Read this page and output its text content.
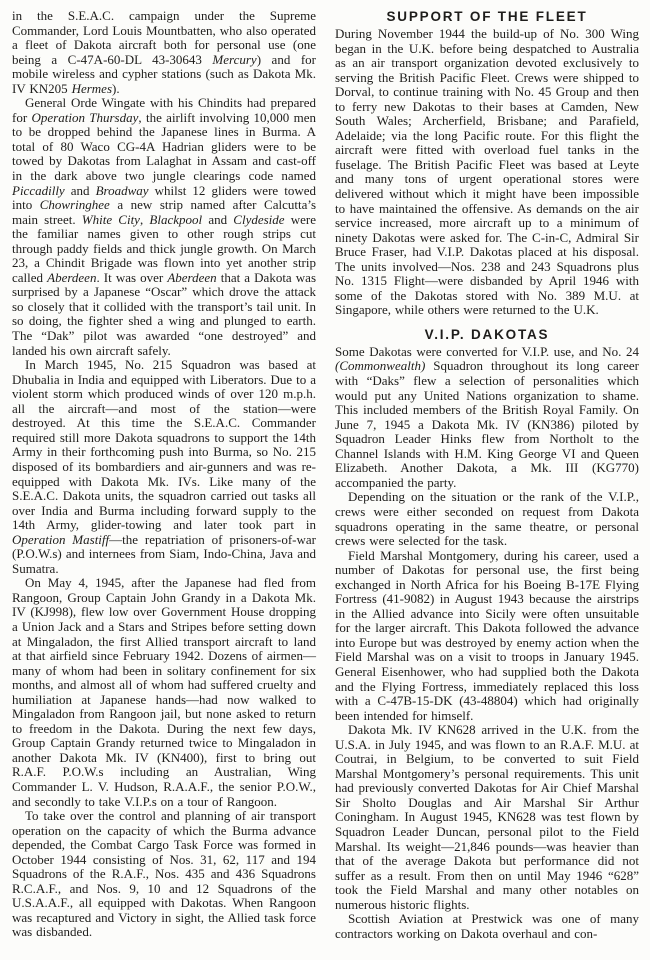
in the S.E.A.C. campaign under the Supreme Commander, Lord Louis Mountbatten, who also operated a fleet of Dakota aircraft both for personal use (one being a C-47A-60-DL 43-30643 Mercury) and for mobile wireless and cypher stations (such as Dakota Mk. IV KN205 Hermes).

General Orde Wingate with his Chindits had prepared for Operation Thursday, the airlift involving 10,000 men to be dropped behind the Japanese lines in Burma. A total of 80 Waco CG-4A Hadrian gliders were to be towed by Dakotas from Lalaghat in Assam and cast-off in the dark above two jungle clearings code named Piccadilly and Broadway whilst 12 gliders were towed into Chowringhee a new strip named after Calcutta’s main street. White City, Blackpool and Clydeside were the familiar names given to other rough strips cut through paddy fields and thick jungle growth. On March 23, a Chindit Brigade was flown into yet another strip called Aberdeen. It was over Aberdeen that a Dakota was surprised by a Japanese “Oscar” which drove the attack so closely that it collided with the transport’s tail unit. In so doing, the fighter shed a wing and plunged to earth. The “Dak” pilot was awarded “one destroyed” and landed his own aircraft safely.

In March 1945, No. 215 Squadron was based at Dhubalia in India and equipped with Liberators. Due to a violent storm which produced winds of over 120 m.p.h. all the aircraft—and most of the station—were destroyed. At this time the S.E.A.C. Commander required still more Dakota squadrons to support the 14th Army in their forthcoming push into Burma, so No. 215 disposed of its bombardiers and air-gunners and was re-equipped with Dakota Mk. IVs. Like many of the S.E.A.C. Dakota units, the squadron carried out tasks all over India and Burma including forward supply to the 14th Army, glider-towing and later took part in Operation Mastiff—the repatriation of prisoners-of-war (P.O.W.s) and internees from Siam, Indo-China, Java and Sumatra.

On May 4, 1945, after the Japanese had fled from Rangoon, Group Captain John Grandy in a Dakota Mk. IV (KJ998), flew low over Government House dropping a Union Jack and a Stars and Stripes before setting down at Mingaladon, the first Allied transport aircraft to land at that airfield since February 1942. Dozens of airmen—many of whom had been in solitary confinement for six months, and almost all of whom had suffered cruelty and humiliation at Japanese hands—had now walked to Mingaladon from Rangoon jail, but none asked to return to freedom in the Dakota. During the next few days, Group Captain Grandy returned twice to Mingaladon in another Dakota Mk. IV (KN400), first to bring out R.A.F. P.O.W.s including an Australian, Wing Commander L. V. Hudson, R.A.A.F., the senior P.O.W., and secondly to take V.I.P.s on a tour of Rangoon.

To take over the control and planning of air transport operation on the capacity of which the Burma advance depended, the Combat Cargo Task Force was formed in October 1944 consisting of Nos. 31, 62, 117 and 194 Squadrons of the R.A.F., Nos. 435 and 436 Squadrons R.C.A.F., and Nos. 9, 10 and 12 Squadrons of the U.S.A.A.F., all equipped with Dakotas. When Rangoon was recaptured and Victory in sight, the Allied task force was disbanded.

SUPPORT OF THE FLEET

During November 1944 the build-up of No. 300 Wing began in the U.K. before being despatched to Australia as an air transport organization devoted exclusively to serving the British Pacific Fleet. Crews were shipped to Dorval, to continue training with No. 45 Group and then to ferry new Dakotas to their bases at Camden, New South Wales; Archerfield, Brisbane; and Parafield, Adelaide; via the long Pacific route. For this flight the aircraft were fitted with overload fuel tanks in the fuselage. The British Pacific Fleet was based at Leyte and many tons of urgent operational stores were delivered without which it might have been impossible to have maintained the offensive. As demands on the air service increased, more aircraft up to a minimum of ninety Dakotas were asked for. The C-in-C, Admiral Sir Bruce Fraser, had V.I.P. Dakotas placed at his disposal. The units involved—Nos. 238 and 243 Squadrons plus No. 1315 Flight—were disbanded by April 1946 with some of the Dakotas stored with No. 389 M.U. at Singapore, while others were returned to the U.K.

V.I.P. DAKOTAS

Some Dakotas were converted for V.I.P. use, and No. 24 (Commonwealth) Squadron throughout its long career with “Daks” flew a selection of personalities which would put any United Nations organization to shame. This included members of the British Royal Family. On June 7, 1945 a Dakota Mk. IV (KN386) piloted by Squadron Leader Hinks flew from Northolt to the Channel Islands with H.M. King George VI and Queen Elizabeth. Another Dakota, a Mk. III (KG770) accompanied the party.

Depending on the situation or the rank of the V.I.P., crews were either seconded on request from Dakota squadrons operating in the same theatre, or personal crews were selected for the task.

Field Marshal Montgomery, during his career, used a number of Dakotas for personal use, the first being exchanged in North Africa for his Boeing B-17E Flying Fortress (41-9082) in August 1943 because the airstrips in the Allied advance into Sicily were often unsuitable for the larger aircraft. This Dakota followed the advance into Europe but was destroyed by enemy action when the Field Marshal was on a visit to troops in January 1945. General Eisenhower, who had supplied both the Dakota and the Flying Fortress, immediately replaced this loss with a C-47B-15-DK (43-48804) which had originally been intended for himself.

Dakota Mk. IV KN628 arrived in the U.K. from the U.S.A. in July 1945, and was flown to an R.A.F. M.U. at Coutrai, in Belgium, to be converted to suit Field Marshal Montgomery’s personal requirements. This unit had previously converted Dakotas for Air Chief Marshal Sir Sholto Douglas and Air Marshal Sir Arthur Coningham. In August 1945, KN628 was test flown by Squadron Leader Duncan, personal pilot to the Field Marshal. Its weight—21,846 pounds—was heavier than that of the average Dakota but performance did not suffer as a result. From then on until May 1946 “628” took the Field Marshal and many other notables on numerous historic flights.

Scottish Aviation at Prestwick was one of many contractors working on Dakota overhaul and con-
